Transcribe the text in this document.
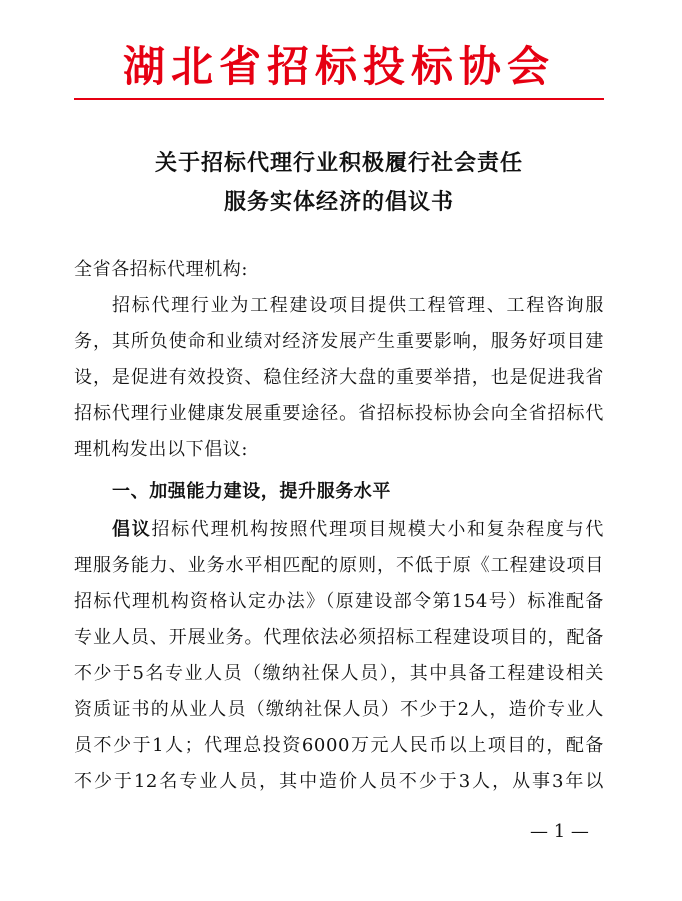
湖北省招标投标协会
关于招标代理行业积极履行社会责任
服务实体经济的倡议书
全省各招标代理机构:
招标代理行业为工程建设项目提供工程管理、工程咨询服
务，其所负使命和业绩对经济发展产生重要影响，服务好项目建
设，是促进有效投资、稳住经济大盘的重要举措，也是促进我省
招标代理行业健康发展重要途径。省招标投标协会向全省招标代
理机构发出以下倡议:
一、加强能力建设，提升服务水平
倡议招标代理机构按照代理项目规模大小和复杂程度与代
理服务能力、业务水平相匹配的原则，不低于原《工程建设项目
招标代理机构资格认定办法》（原建设部令第154号）标准配备
专业人员、开展业务。代理依法必须招标工程建设项目的，配备
不少于5名专业人员（缴纳社保人员），其中具备工程建设相关
资质证书的从业人员（缴纳社保人员）不少于2人，造价专业人
员不少于1人；代理总投资6000万元人民币以上项目的，配备
不少于12名专业人员，其中造价人员不少于3人，从事3年以
— 1 —
